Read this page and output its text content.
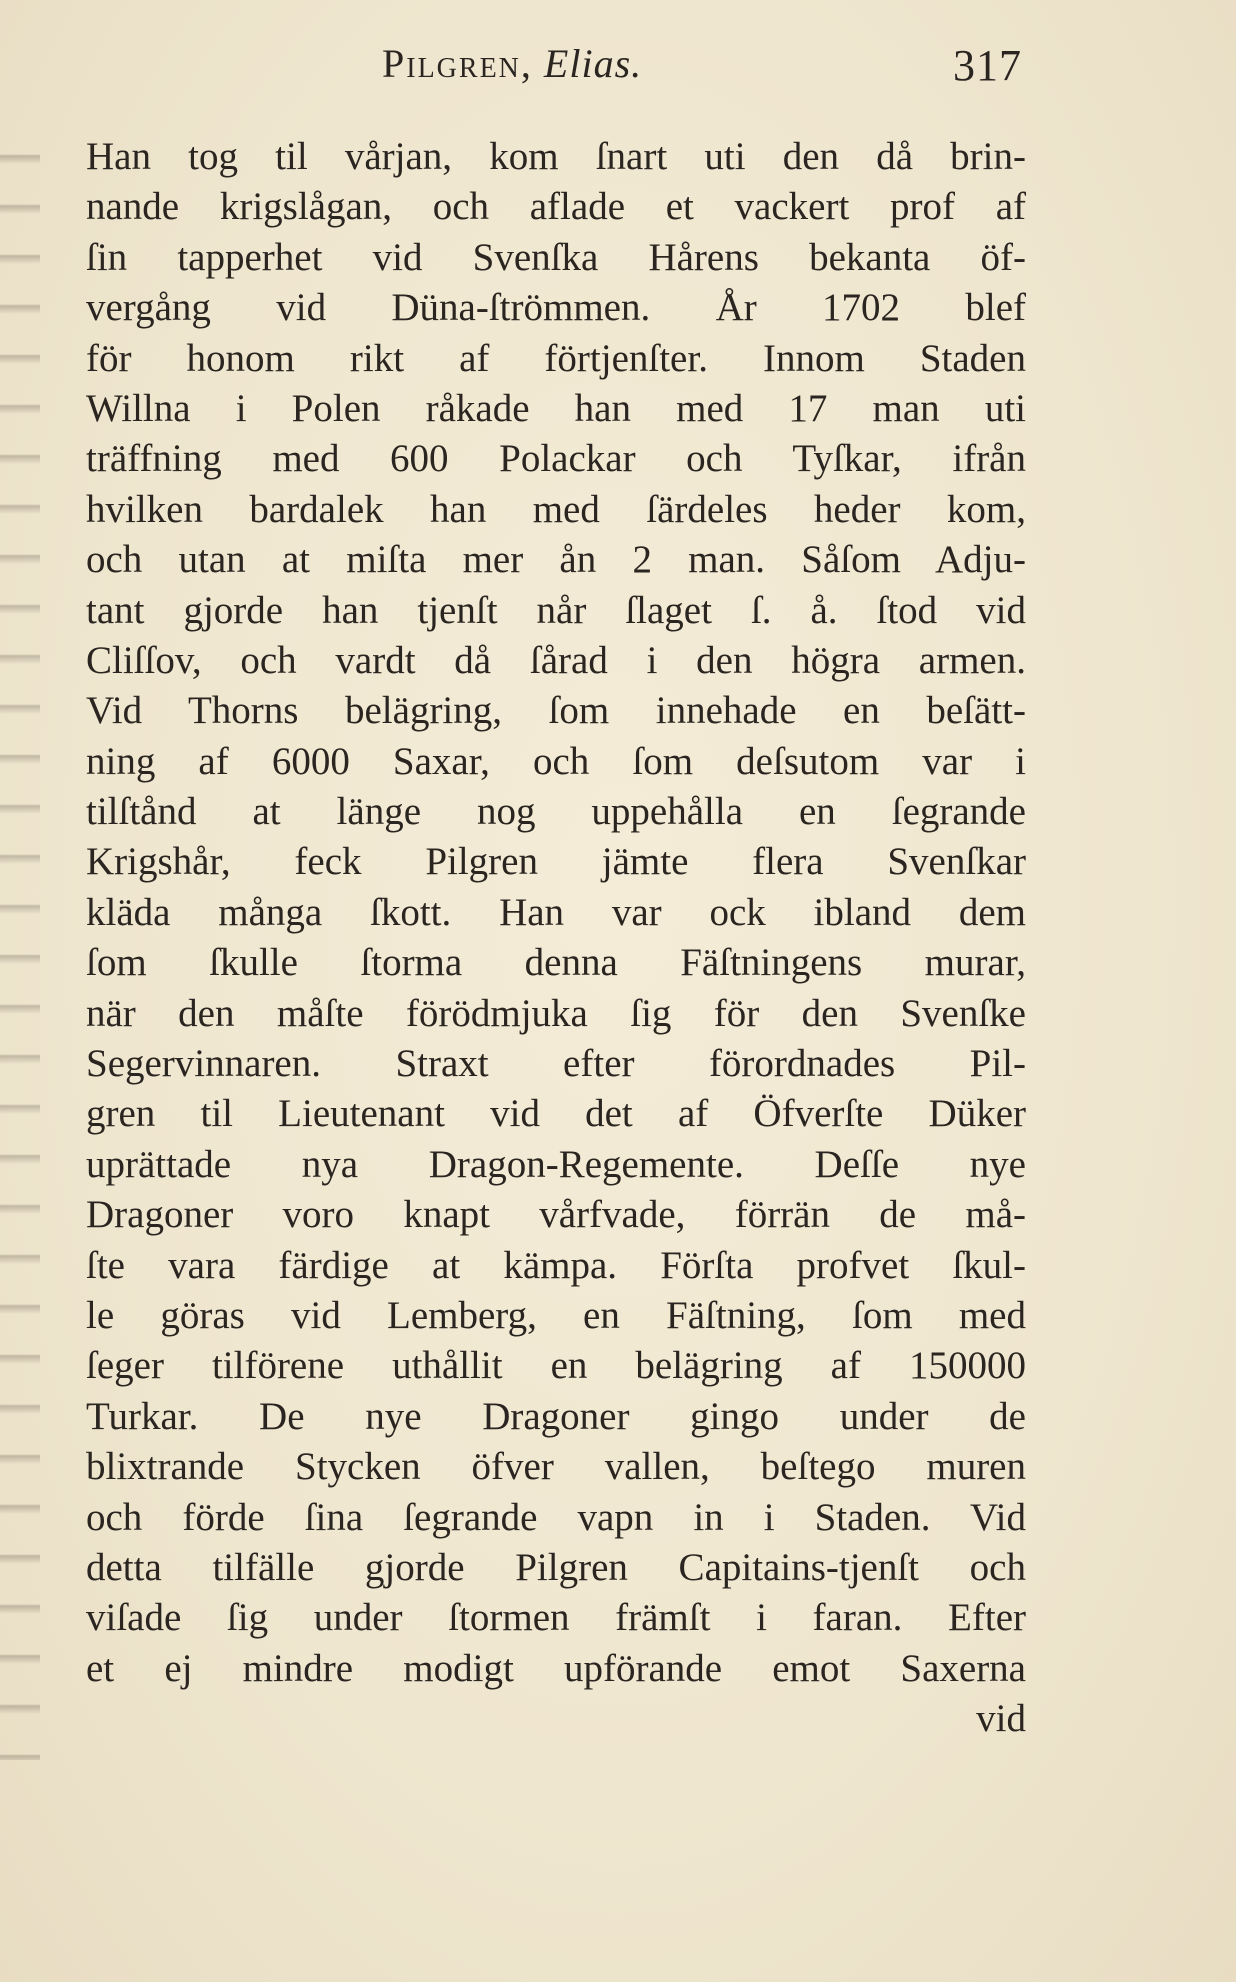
Pilgren, Elias.	317
Han tog til vårjan, kom ſnart uti den då brin-
nande krigslågan, och aflade et vackert prof af
ſin tapperhet vid Svenſka Hårens bekanta öf-
vergång vid Düna-ſtrömmen. År 1702 blef
för honom rikt af förtjenſter. Innom Staden
Willna i Polen råkade han med 17 man uti
träffning med 600 Polackar och Tyſkar, ifrån
hvilken bardalek han med ſärdeles heder kom,
och utan at miſta mer ån 2 man. Såſom Adju-
tant gjorde han tjenſt når ſlaget ſ. å. ſtod vid
Cliſſov, och vardt då ſårad i den högra armen.
Vid Thorns belägring, ſom innehade en beſätt-
ning af 6000 Saxar, och ſom deſsutom var i
tilſtånd at länge nog uppehålla en ſegrande
Krigshår, feck Pilgren jämte flera Svenſkar
kläda många ſkott. Han var ock ibland dem
ſom ſkulle ſtorma denna Fäſtningens murar,
när den måſte förödmjuka ſig för den Svenſke
Segervinnaren. Straxt efter förordnades Pil-
gren til Lieutenant vid det af Öfverſte Düker
uprättade nya Dragon-Regemente. Deſſe nye
Dragoner voro knapt vårfvade, förrän de må-
ſte vara färdige at kämpa. Förſta profvet ſkul-
le göras vid Lemberg, en Fäſtning, ſom med
ſeger tilförene uthållit en belägring af 150000
Turkar. De nye Dragoner gingo under de
blixtrande Stycken öfver vallen, beſtego muren
och förde ſina ſegrande vapn in i Staden. Vid
detta tilfälle gjorde Pilgren Capitains-tjenſt och
viſade ſig under ſtormen främſt i faran. Efter
et ej mindre modigt upförande emot Saxerna
vid
